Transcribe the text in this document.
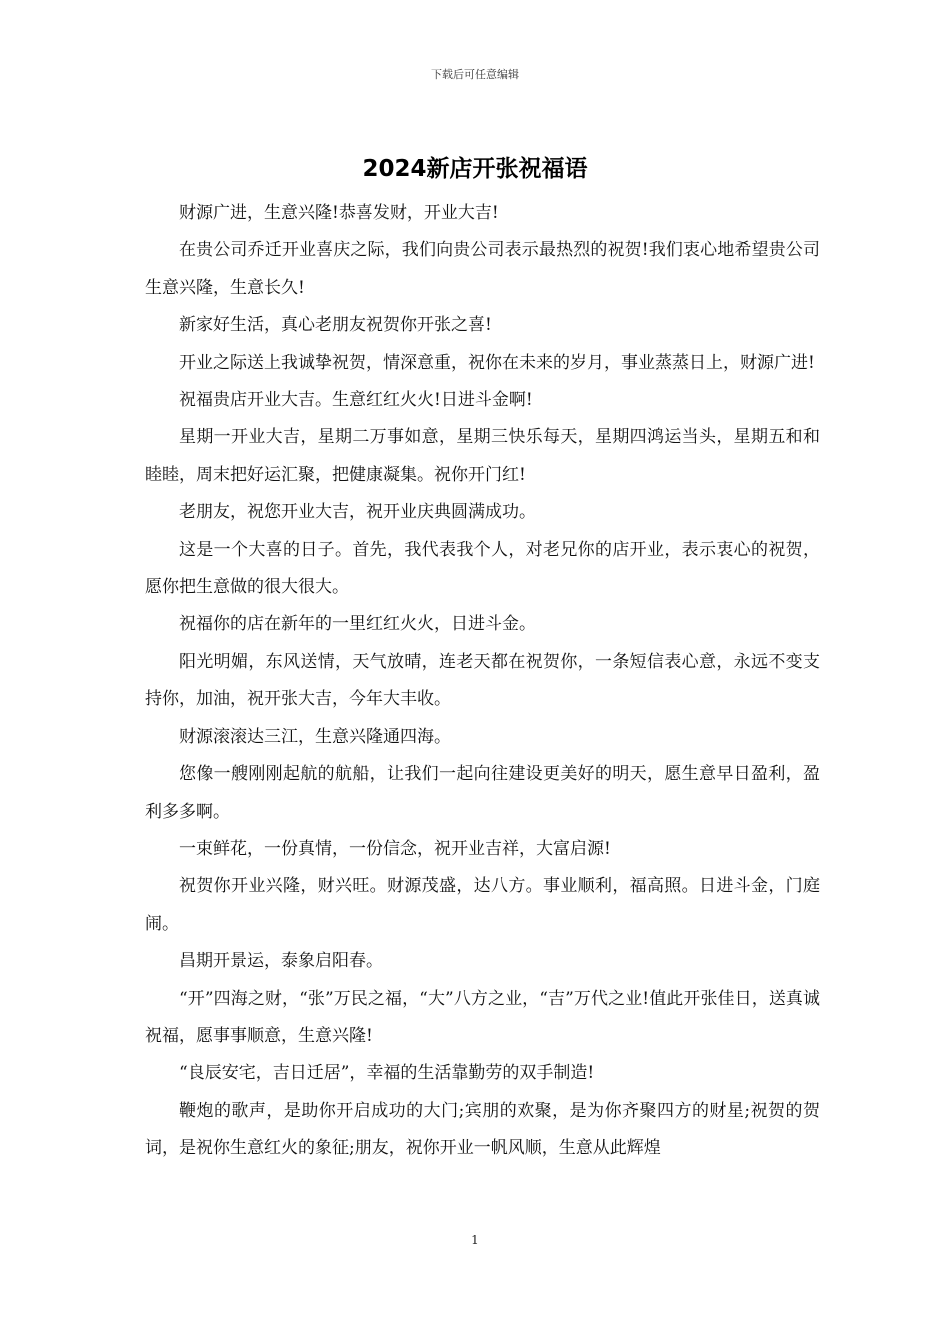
下载后可任意编辑
2024新店开张祝福语

财源广进，生意兴隆!恭喜发财，开业大吉!

在贵公司乔迁开业喜庆之际，我们向贵公司表示最热烈的祝贺!我们衷心地希望贵公司生意兴隆，生意长久!

新家好生活，真心老朋友祝贺你开张之喜!

开业之际送上我诚挚祝贺，情深意重，祝你在未来的岁月，事业蒸蒸日上，财源广进!

祝福贵店开业大吉。生意红红火火!日进斗金啊!

星期一开业大吉，星期二万事如意，星期三快乐每天，星期四鸿运当头，星期五和和睦睦，周末把好运汇聚，把健康凝集。祝你开门红!

老朋友，祝您开业大吉，祝开业庆典圆满成功。

这是一个大喜的日子。首先，我代表我个人，对老兄你的店开业，表示衷心的祝贺，愿你把生意做的很大很大。

祝福你的店在新年的一里红红火火，日进斗金。

阳光明媚，东风送情，天气放晴，连老天都在祝贺你，一条短信表心意，永远不变支持你，加油，祝开张大吉，今年大丰收。

财源滚滚达三江，生意兴隆通四海。

您像一艘刚刚起航的航船，让我们一起向往建设更美好的明天，愿生意早日盈利，盈利多多啊。

一束鲜花，一份真情，一份信念，祝开业吉祥，大富启源!

祝贺你开业兴隆，财兴旺。财源茂盛，达八方。事业顺利，福高照。日进斗金，门庭闹。

昌期开景运，泰象启阳春。

“开”四海之财，“张”万民之福，“大”八方之业，“吉”万代之业!值此开张佳日，送真诚祝福，愿事事顺意，生意兴隆!

“良辰安宅，吉日迁居”，幸福的生活靠勤劳的双手制造!

鞭炮的歌声，是助你开启成功的大门;宾朋的欢聚，是为你齐聚四方的财星;祝贺的贺词，是祝你生意红火的象征;朋友，祝你开业一帆风顺，生意从此辉煌

1
